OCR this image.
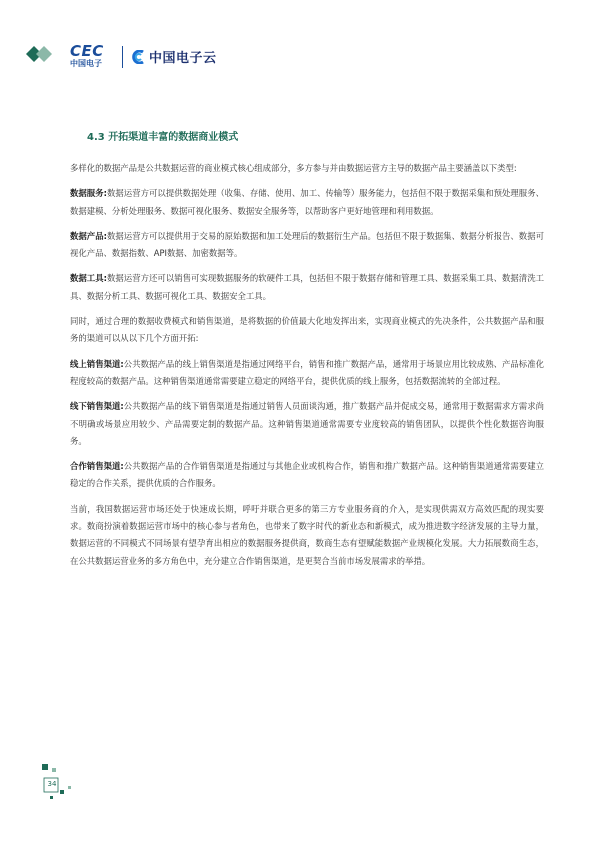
CEC
中国电子	中国电子云
4.3 开拓渠道丰富的数据商业模式

多样化的数据产品是公共数据运营的商业模式核心组成部分，多方参与并由数据运营方主导的数据产品主要涵盖以下类型:

数据服务:数据运营方可以提供数据处理（收集、存储、使用、加工、传输等）服务能力，包括但不限于数据采集和预处理服务、数据建模、分析处理服务、数据可视化服务、数据安全服务等，以帮助客户更好地管理和利用数据。

数据产品:数据运营方可以提供用于交易的原始数据和加工处理后的数据衍生产品。包括但不限于数据集、数据分析报告、数据可视化产品、数据指数、API数据、加密数据等。

数据工具:数据运营方还可以销售可实现数据服务的软硬件工具，包括但不限于数据存储和管理工具、数据采集工具、数据清洗工具、数据分析工具、数据可视化工具、数据安全工具。

同时，通过合理的数据收费模式和销售渠道，是将数据的价值最大化地发挥出来，实现商业模式的先决条件，公共数据产品和服务的渠道可以从以下几个方面开拓:

线上销售渠道:公共数据产品的线上销售渠道是指通过网络平台，销售和推广数据产品，通常用于场景应用比较成熟、产品标准化程度较高的数据产品。这种销售渠道通常需要建立稳定的网络平台，提供优质的线上服务，包括数据流转的全部过程。

线下销售渠道:公共数据产品的线下销售渠道是指通过销售人员面谈沟通，推广数据产品并促成交易，通常用于数据需求方需求尚不明确或场景应用较少、产品需要定制的数据产品。这种销售渠道通常需要专业度较高的销售团队，以提供个性化数据咨询服务。

合作销售渠道:公共数据产品的合作销售渠道是指通过与其他企业或机构合作，销售和推广数据产品。这种销售渠道通常需要建立稳定的合作关系，提供优质的合作服务。

当前，我国数据运营市场还处于快速成长期，呼吁并联合更多的第三方专业服务商的介入，是实现供需双方高效匹配的现实要求。数商扮演着数据运营市场中的核心参与者角色，也带来了数字时代的新业态和新模式，成为推进数字经济发展的主导力量，数据运营的不同模式不同场景有望孕育出相应的数据服务提供商，数商生态有望赋能数据产业规模化发展。大力拓展数商生态，在公共数据运营业务的多方角色中，充分建立合作销售渠道，是更契合当前市场发展需求的举措。

34
